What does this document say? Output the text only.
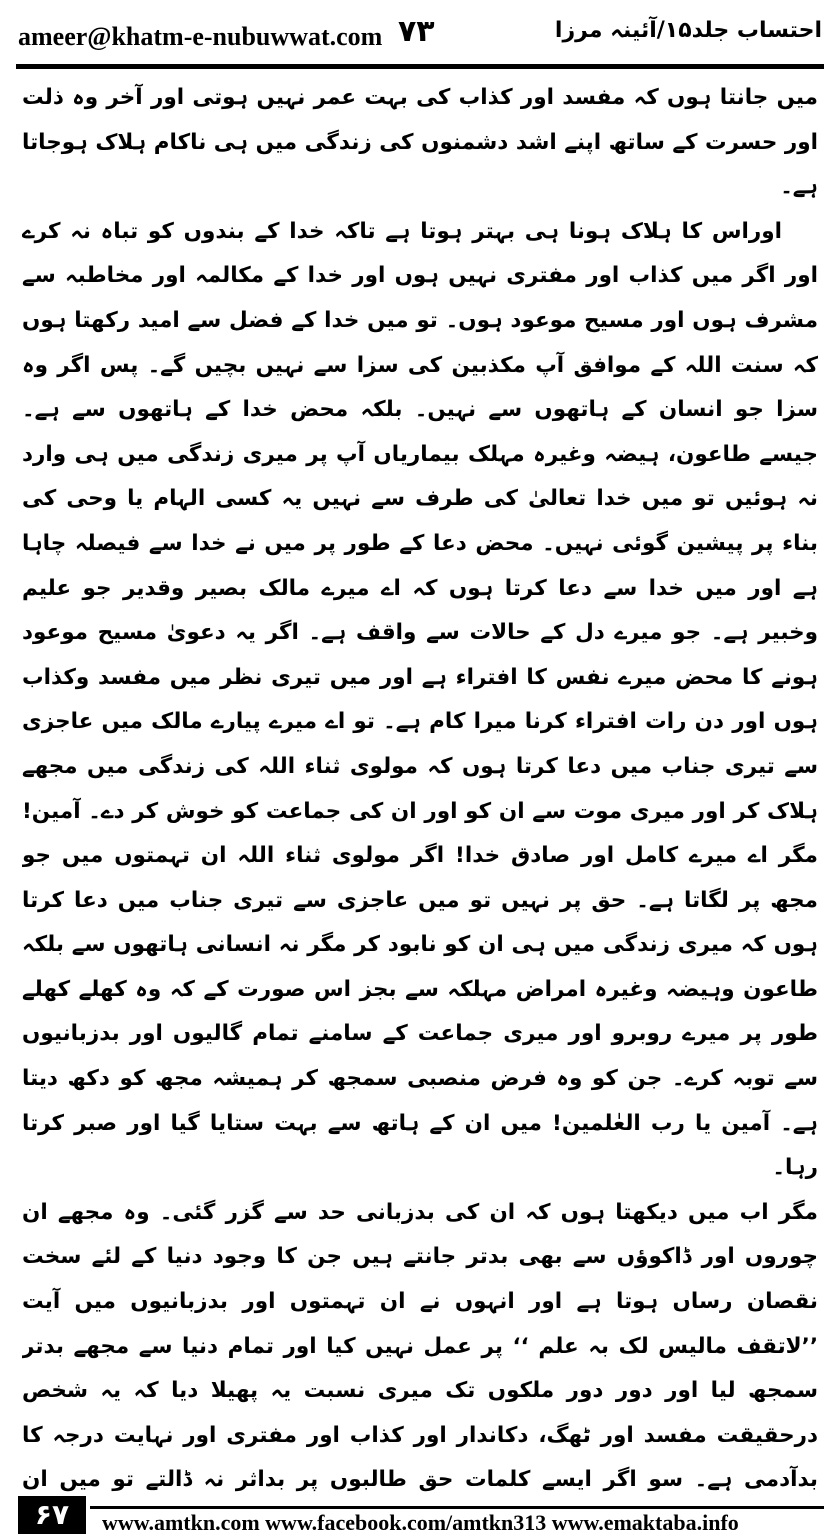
ameer@khatm-e-nubuwwat.com ۷۳	احتساب جلد۱۵/آئینہ مرزا

میں جانتا ہوں کہ مفسد اور کذاب کی بہت عمر نہیں ہوتی اور آخر وہ ذلت اور حسرت کے ساتھ اپنے اشد دشمنوں کی زندگی میں ہی ناکام ہلاک ہوجاتا ہے۔

اوراس کا ہلاک ہونا ہی بہتر ہوتا ہے تاکہ خدا کے بندوں کو تباہ نہ کرے اور اگر میں کذاب اور مفتری نہیں ہوں اور خدا کے مکالمہ اور مخاطبہ سے مشرف ہوں اور مسیح موعود ہوں۔ تو میں خدا کے فضل سے امید رکھتا ہوں کہ سنت اللہ کے موافق آپ مکذبین کی سزا سے نہیں بچیں گے۔ پس اگر وہ سزا جو انسان کے ہاتھوں سے نہیں۔ بلکہ محض خدا کے ہاتھوں سے ہے۔ جیسے طاعون، ہیضہ وغیرہ مہلک بیماریاں آپ پر میری زندگی میں ہی وارد نہ ہوئیں تو میں خدا تعالیٰ کی طرف سے نہیں یہ کسی الہام یا وحی کی بناء پر پیشین گوئی نہیں۔ محض دعا کے طور پر میں نے خدا سے فیصلہ چاہا ہے اور میں خدا سے دعا کرتا ہوں کہ اے میرے مالک بصیر وقدیر جو علیم وخبیر ہے۔ جو میرے دل کے حالات سے واقف ہے۔ اگر یہ دعویٰ مسیح موعود ہونے کا محض میرے نفس کا افتراء ہے اور میں تیری نظر میں مفسد وکذاب ہوں اور دن رات افتراء کرنا میرا کام ہے۔ تو اے میرے پیارے مالک میں عاجزی سے تیری جناب میں دعا کرتا ہوں کہ مولوی ثناء اللہ کی زندگی میں مجھے ہلاک کر اور میری موت سے ان کو اور ان کی جماعت کو خوش کر دے۔ آمین! مگر اے میرے کامل اور صادق خدا! اگر مولوی ثناء اللہ ان تہمتوں میں جو مجھ پر لگاتا ہے۔ حق پر نہیں تو میں عاجزی سے تیری جناب میں دعا کرتا ہوں کہ میری زندگی میں ہی ان کو نابود کر مگر نہ انسانی ہاتھوں سے بلکہ طاعون وہیضہ وغیرہ امراض مہلکہ سے بجز اس صورت کے کہ وہ کھلے کھلے طور پر میرے روبرو اور میری جماعت کے سامنے تمام گالیوں اور بدزبانیوں سے توبہ کرے۔ جن کو وہ فرض منصبی سمجھ کر ہمیشہ مجھ کو دکھ دیتا ہے۔ آمین یا رب العٰلمین! میں ان کے ہاتھ سے بہت ستایا گیا اور صبر کرتا رہا۔

مگر اب میں دیکھتا ہوں کہ ان کی بدزبانی حد سے گزر گئی۔ وہ مجھے ان چوروں اور ڈاکوؤں سے بھی بدتر جانتے ہیں جن کا وجود دنیا کے لئے سخت نقصان رساں ہوتا ہے اور انہوں نے ان تہمتوں اور بدزبانیوں میں آیت ’’لاتقف مالیس لک بہ علم ‘‘ پر عمل نہیں کیا اور تمام دنیا سے مجھے بدتر سمجھ لیا اور دور دور ملکوں تک میری نسبت یہ پھیلا دیا کہ یہ شخص درحقیقت مفسد اور ٹھگ، دکاندار اور کذاب اور مفتری اور نہایت درجہ کا بدآدمی ہے۔ سو اگر ایسے کلمات حق طالبوں پر بداثر نہ ڈالتے تو میں ان

۶۷	www.amtkn.com www.facebook.com/amtkn313 www.emaktaba.info
